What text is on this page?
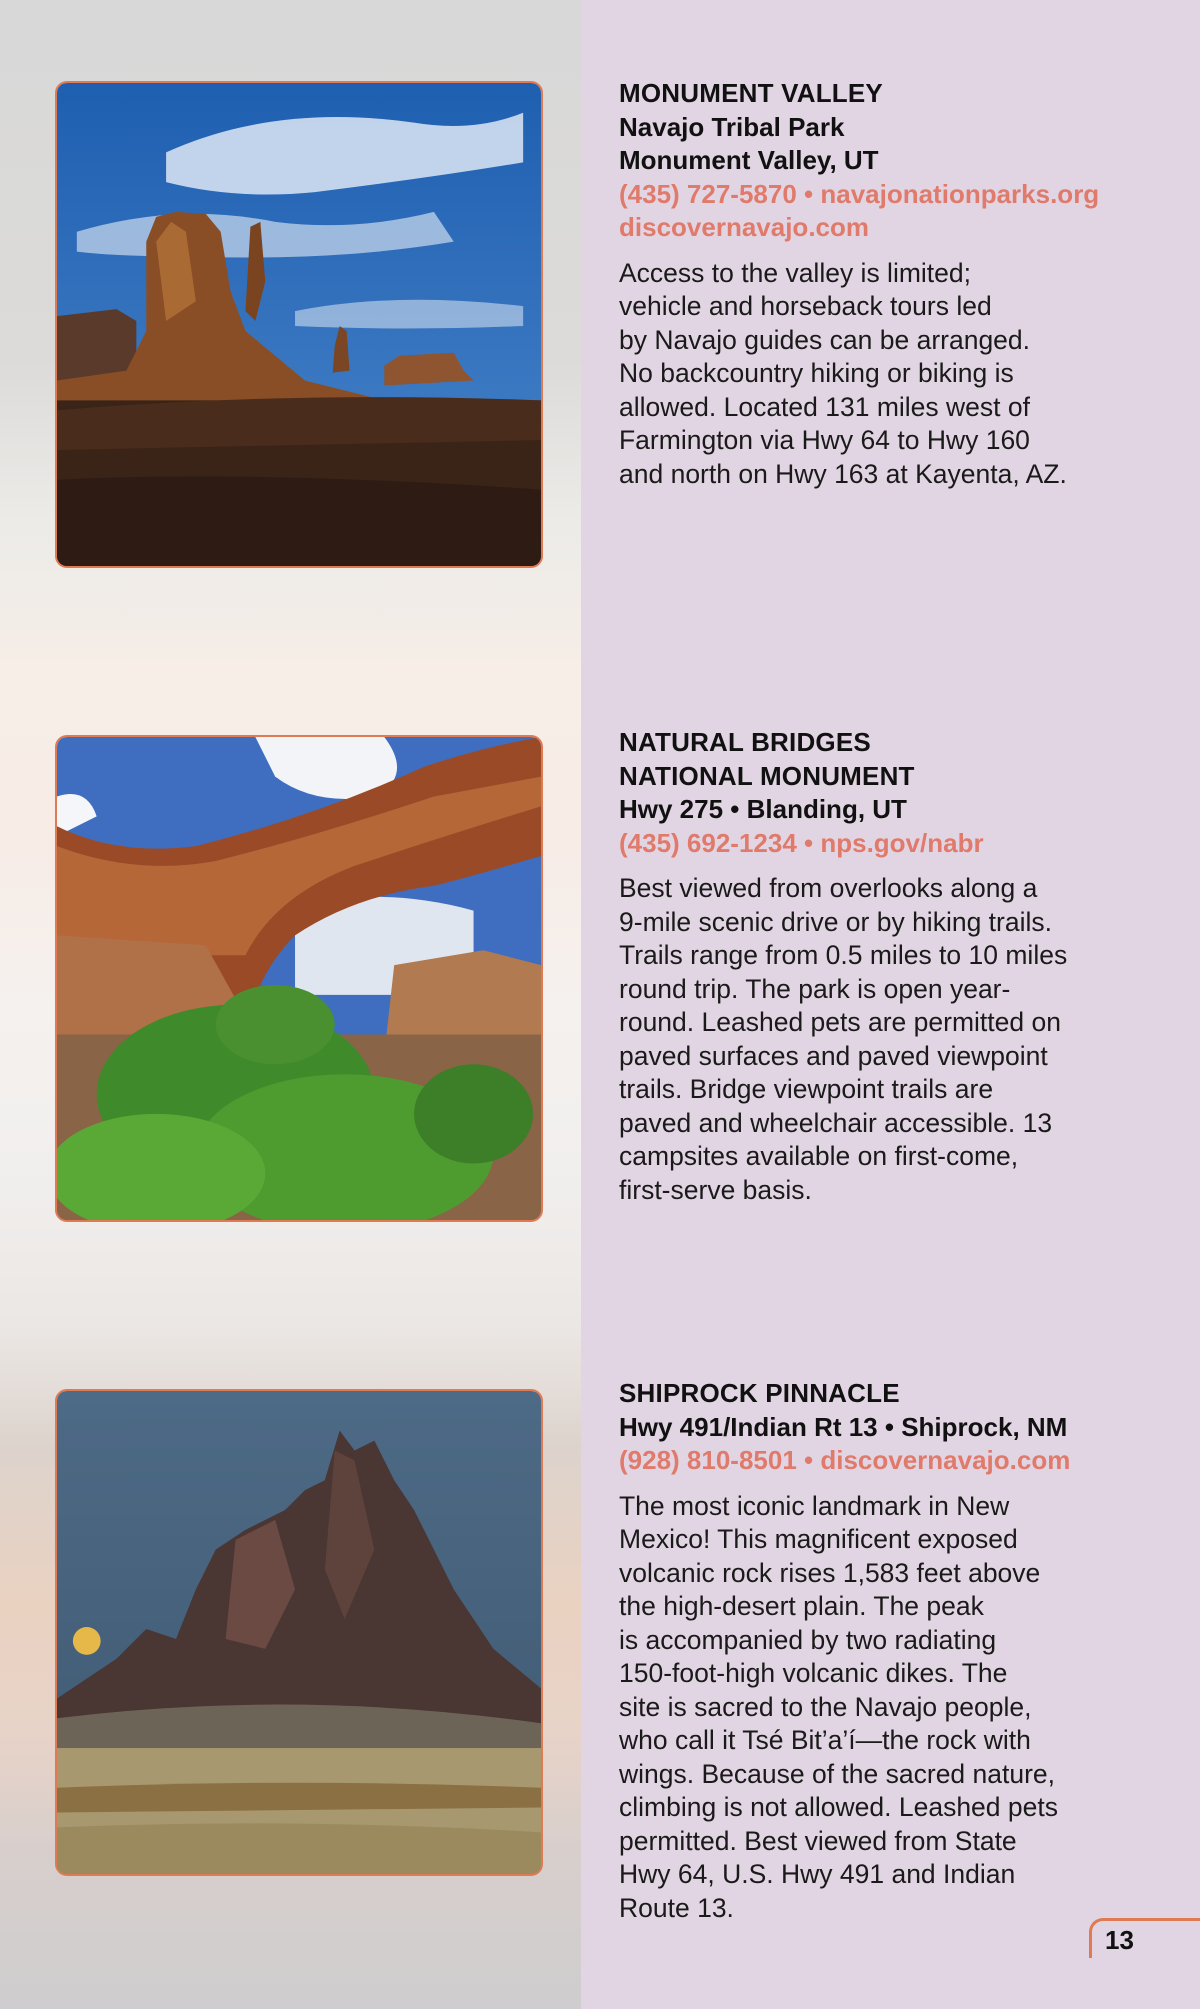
MONUMENT VALLEY

Navajo Tribal Park

Monument Valley, UT

(435) 727-5870 • navajonationparks.org

discovernavajo.com

Access to the valley is limited;
vehicle and horseback tours led
by Navajo guides can be arranged.
No backcountry hiking or biking is
allowed. Located 131 miles west of
Farmington via Hwy 64 to Hwy 160
and north on Hwy 163 at Kayenta, AZ.

NATURAL BRIDGES

NATIONAL MONUMENT

Hwy 275 • Blanding, UT

(435) 692-1234 • nps.gov/nabr

Best viewed from overlooks along a
9-mile scenic drive or by hiking trails.
Trails range from 0.5 miles to 10 miles
round trip. The park is open year-
round. Leashed pets are permitted on
paved surfaces and paved viewpoint
trails. Bridge viewpoint trails are
paved and wheelchair accessible. 13
campsites available on first-come,
first-serve basis.

SHIPROCK PINNACLE

Hwy 491/Indian Rt 13 • Shiprock, NM

(928) 810-8501 • discovernavajo.com

The most iconic landmark in New
Mexico! This magnificent exposed
volcanic rock rises 1,583 feet above
the high-desert plain. The peak
is accompanied by two radiating
150-foot-high volcanic dikes. The
site is sacred to the Navajo people,
who call it Tsé Bit’a’í—the rock with
wings. Because of the sacred nature,
climbing is not allowed. Leashed pets
permitted. Best viewed from State
Hwy 64, U.S. Hwy 491 and Indian
Route 13.

13
